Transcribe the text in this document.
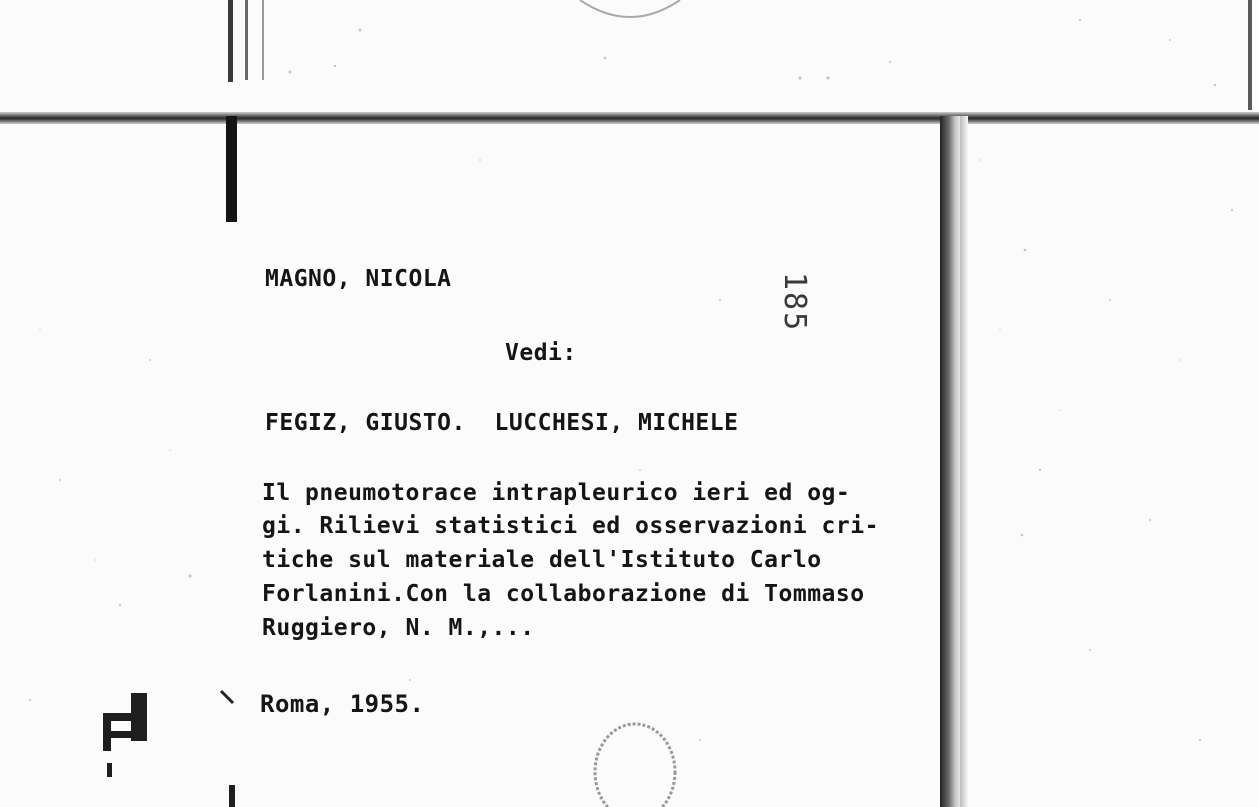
MAGNO, NICOLA	185
Vedi:
FEGIZ, GIUSTO.  LUCCHESI, MICHELE
Il pneumotorace intrapleurico ieri ed og-
gi. Rilievi statistici ed osservazioni cri-
tiche sul materiale dell'Istituto Carlo
Forlanini.Con la collaborazione di Tommaso
Ruggiero, N. M.,...
Roma, 1955.
